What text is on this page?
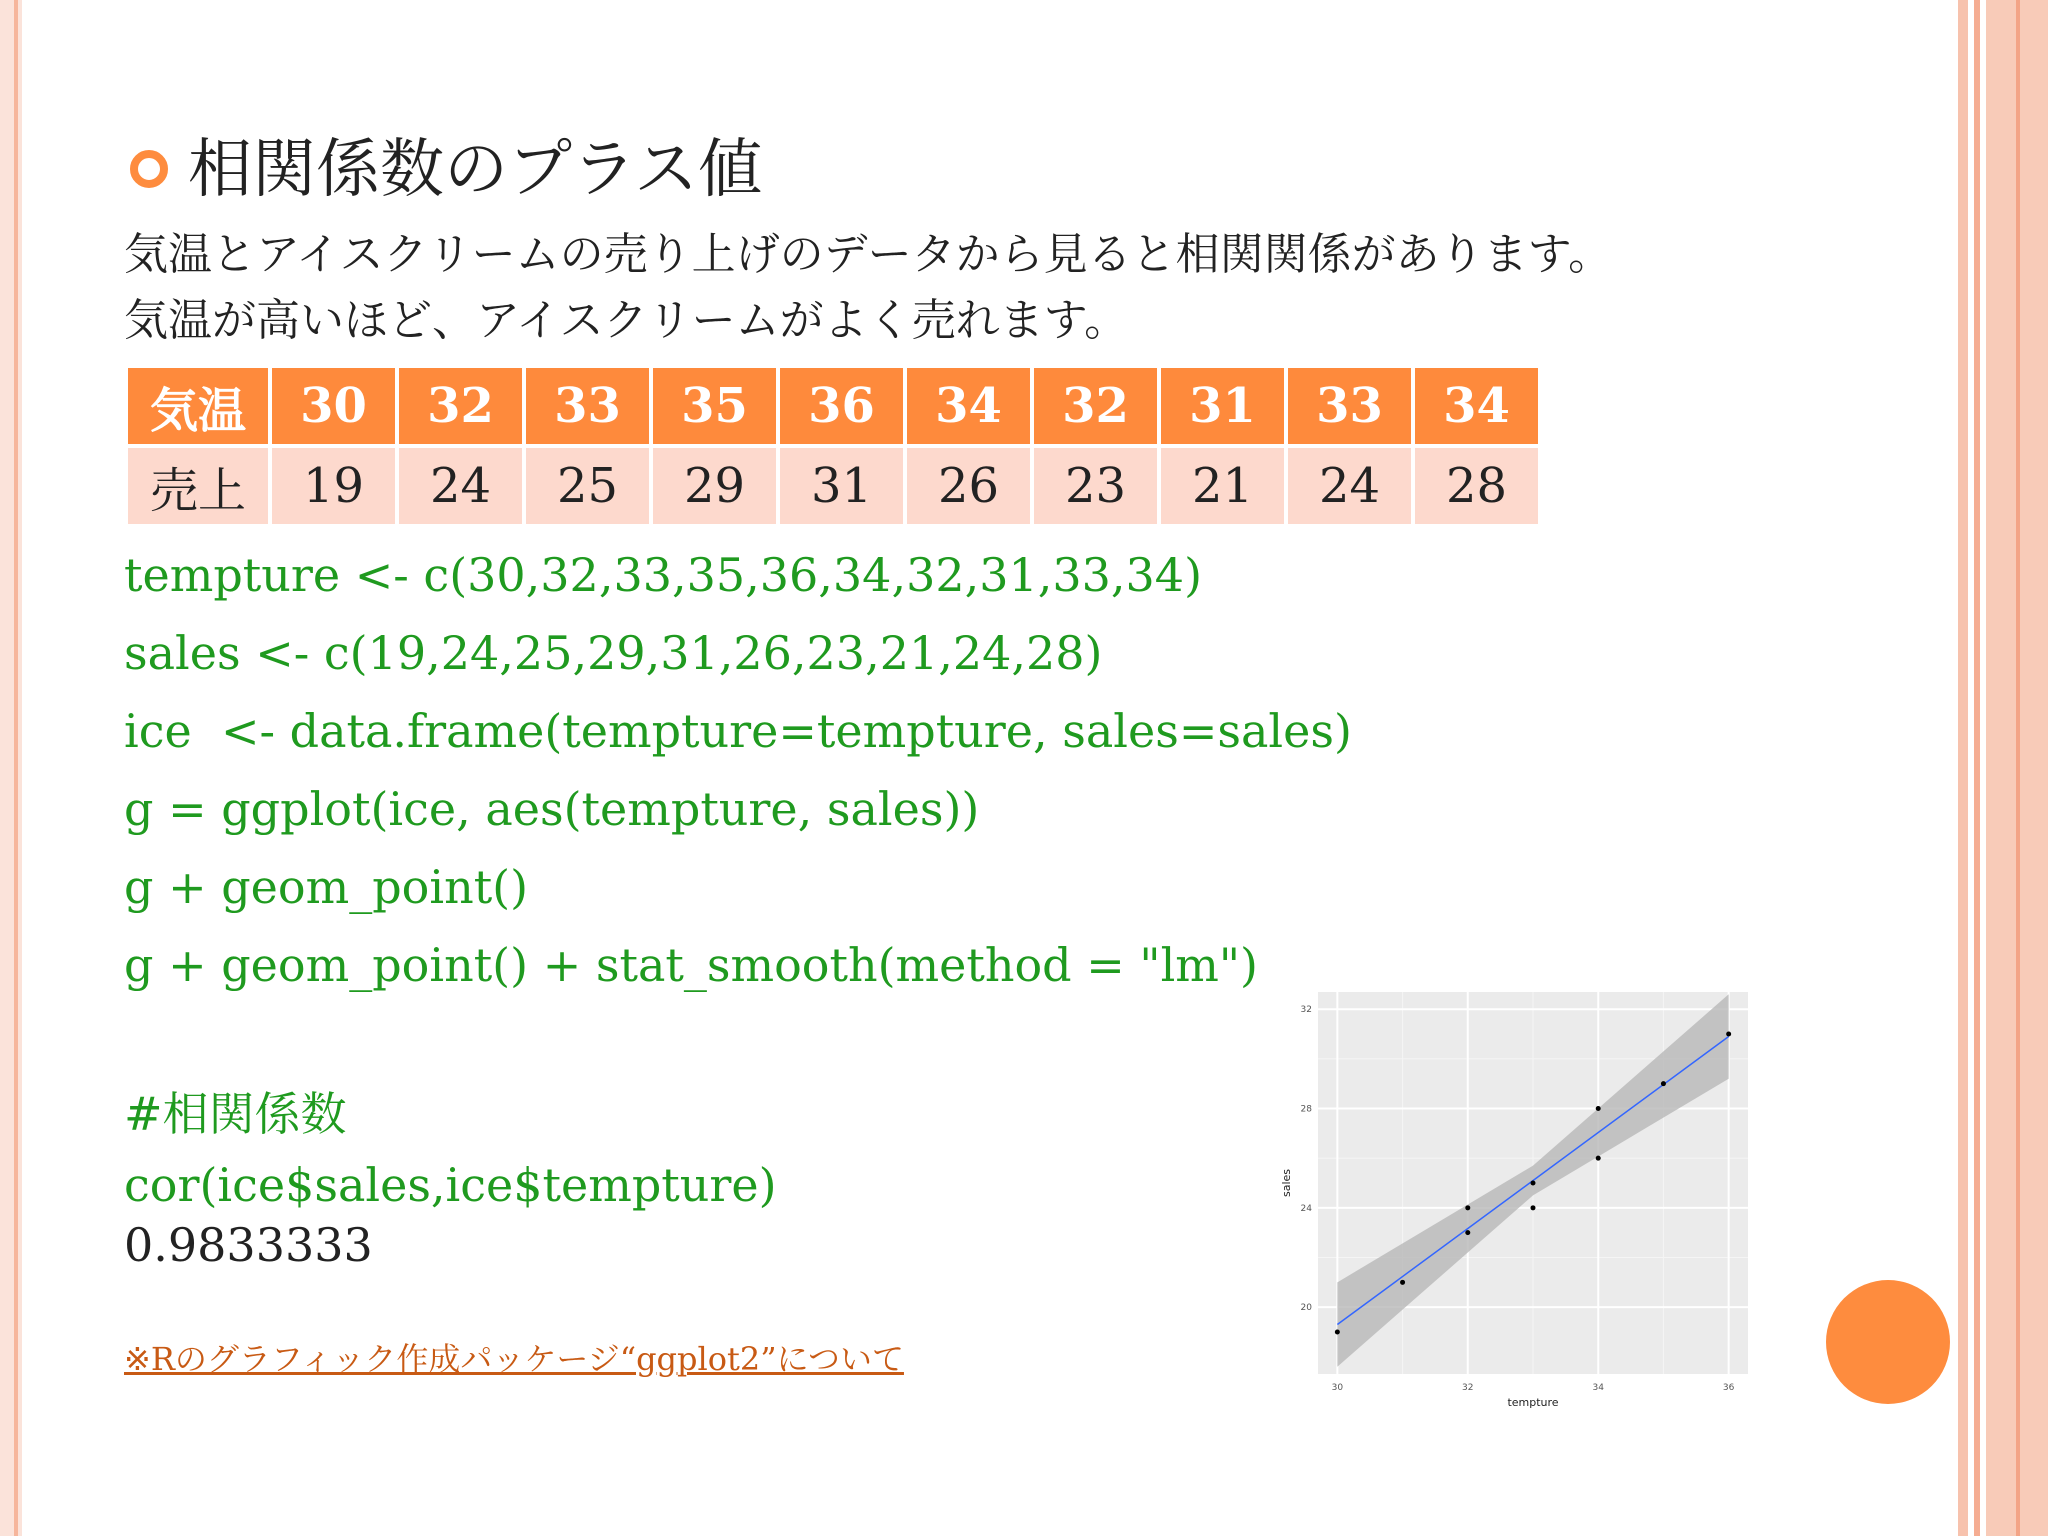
相関係数のプラス値
気温とアイスクリームの売り上げのデータから見ると相関関係があります。
気温が高いほど、アイスクリームがよく売れます。
気温	30	32	33	35	36	34	32	31	33	34
売上	19	24	25	29	31	26	23	21	24	28
tempture <- c(30,32,33,35,36,34,32,31,33,34)
sales <- c(19,24,25,29,31,26,23,21,24,28)
ice  <- data.frame(tempture=tempture, sales=sales)
g = ggplot(ice, aes(tempture, sales))
g + geom_point()
g + geom_point() + stat_smooth(method = "lm")
#相関係数
cor(ice$sales,ice$tempture)
0.9833333
※Rのグラフィック作成パッケージ“ggplot2”について
30	32	34	36
20
24
28
32
tempture
sales
